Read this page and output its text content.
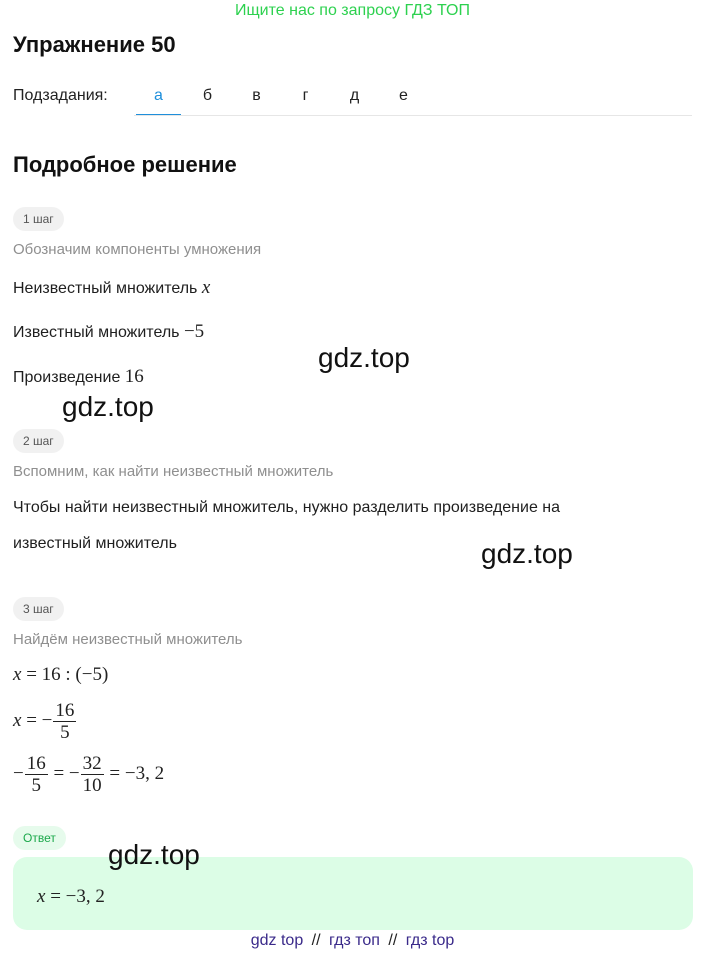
Ищите нас по запросу ГДЗ ТОП
Упражнение 50
Подзадания:	а	б	в	г	д	е
Подробное решение
1 шаг
Обозначим компоненты умножения
Неизвестный множитель x
Известный множитель −5
Произведение 16
2 шаг
Вспомним, как найти неизвестный множитель
Чтобы найти неизвестный множитель, нужно разделить произведение на
известный множитель
3 шаг
Найдём неизвестный множитель
x = 16 : (−5)
x = − $\frac{16}{5}$
− $\frac{16}{5}$ = − $\frac{32}{10} = -3$, 2
Ответ
x = −3, 2
gdz.top
gdz.top
gdz.top
gdz.top
gdz top // гдз топ // гдз top
